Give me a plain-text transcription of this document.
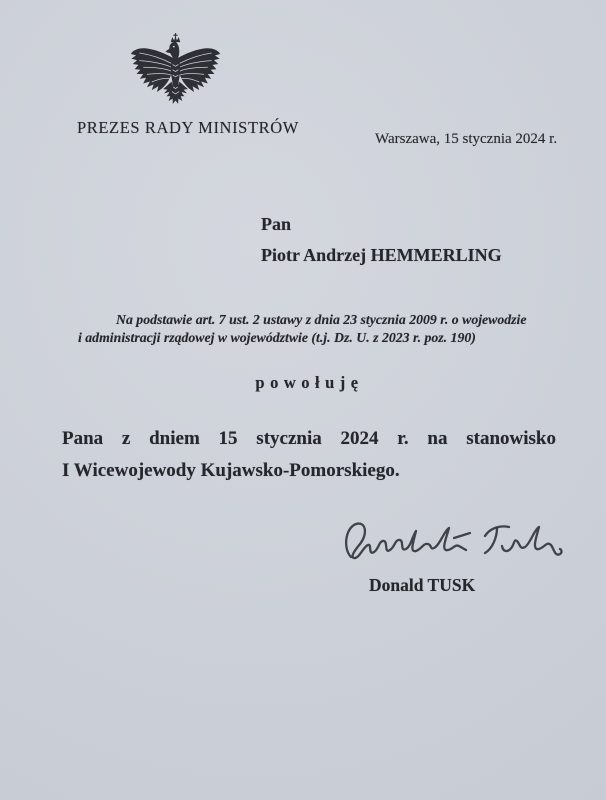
PREZES RADY MINISTRÓW
Warszawa, 15 stycznia 2024 r.
Pan
Piotr Andrzej HEMMERLING
Na podstawie art. 7 ust. 2 ustawy z dnia 23 stycznia 2009 r. o wojewodzie
i administracji rządowej w województwie (t.j. Dz. U. z 2023 r. poz. 190)
powołuję
Pana z dniem 15 stycznia 2024 r. na stanowisko
I Wicewojewody Kujawsko-Pomorskiego.
Donald TUSK
